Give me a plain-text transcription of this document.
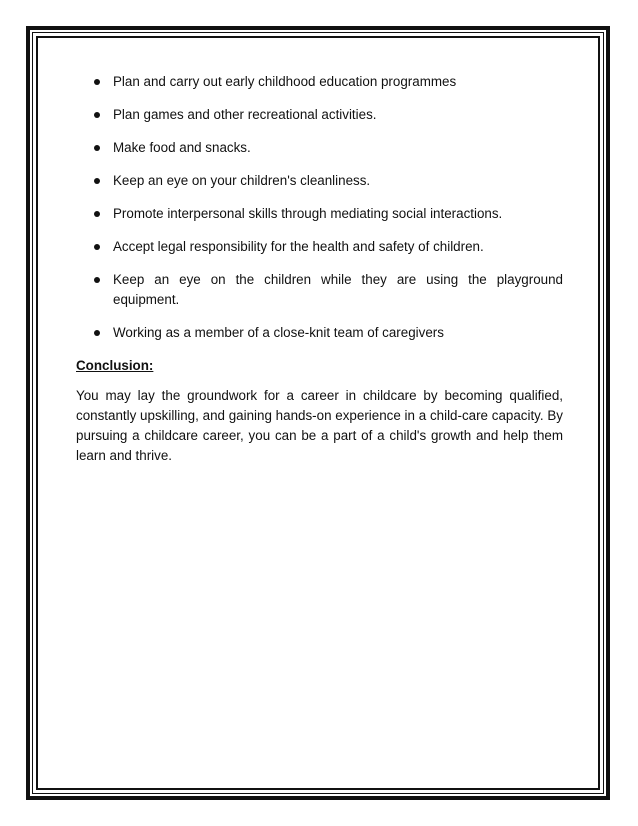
Plan and carry out early childhood education programmes
Plan games and other recreational activities.
Make food and snacks.
Keep an eye on your children's cleanliness.
Promote interpersonal skills through mediating social interactions.
Accept legal responsibility for the health and safety of children.
Keep an eye on the children while they are using the playground equipment.
Working as a member of a close-knit team of caregivers
Conclusion:
You may lay the groundwork for a career in childcare by becoming qualified, constantly upskilling, and gaining hands-on experience in a child-care capacity. By pursuing a childcare career, you can be a part of a child's growth and help them learn and thrive.
